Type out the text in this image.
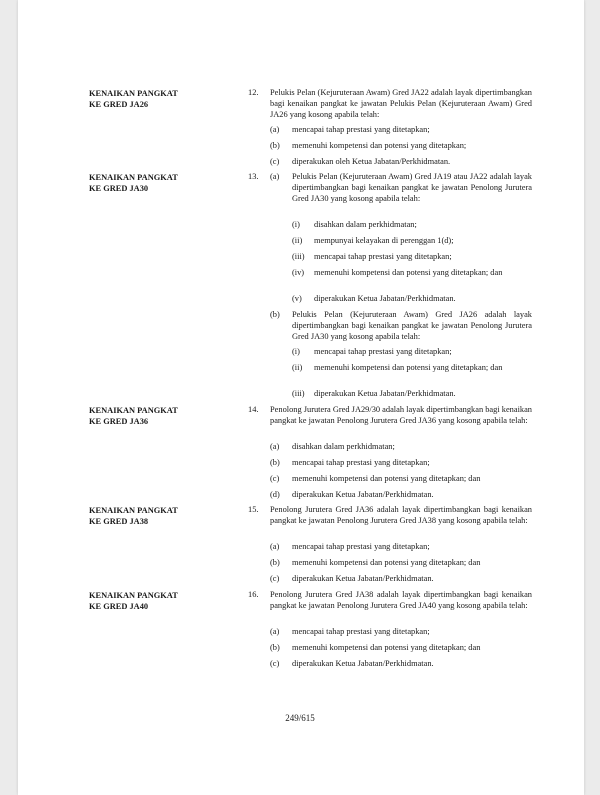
KENAIKAN PANGKAT
KE GRED JA26
12. Pelukis Pelan (Kejuruteraan Awam) Gred JA22 adalah layak dipertimbangkan bagi kenaikan pangkat ke jawatan Pelukis Pelan (Kejuruteraan Awam) Gred JA26 yang kosong apabila telah:
(a) mencapai tahap prestasi yang ditetapkan;
(b) memenuhi kompetensi dan potensi yang ditetapkan;
(c) diperakukan oleh Ketua Jabatan/Perkhidmatan.
KENAIKAN PANGKAT
KE GRED JA30
13. (a) Pelukis Pelan (Kejuruteraan Awam) Gred JA19 atau JA22 adalah layak dipertimbangkan bagi kenaikan pangkat ke jawatan Penolong Jurutera Gred JA30 yang kosong apabila telah:
(i) disahkan dalam perkhidmatan;
(ii) mempunyai kelayakan di perenggan 1(d);
(iii) mencapai tahap prestasi yang ditetapkan;
(iv) memenuhi kompetensi dan potensi yang ditetapkan; dan
(v) diperakukan Ketua Jabatan/Perkhidmatan.
(b) Pelukis Pelan (Kejuruteraan Awam) Gred JA26 adalah layak dipertimbangkan bagi kenaikan pangkat ke jawatan Penolong Jurutera Gred JA30 yang kosong apabila telah:
(i) mencapai tahap prestasi yang ditetapkan;
(ii) memenuhi kompetensi dan potensi yang ditetapkan; dan
(iii) diperakukan Ketua Jabatan/Perkhidmatan.
KENAIKAN PANGKAT
KE GRED JA36
14. Penolong Jurutera Gred JA29/30 adalah layak dipertimbangkan bagi kenaikan pangkat ke jawatan Penolong Jurutera Gred JA36 yang kosong apabila telah:
(a) disahkan dalam perkhidmatan;
(b) mencapai tahap prestasi yang ditetapkan;
(c) memenuhi kompetensi dan potensi yang ditetapkan; dan
(d) diperakukan Ketua Jabatan/Perkhidmatan.
KENAIKAN PANGKAT
KE GRED JA38
15. Penolong Jurutera Gred JA36 adalah layak dipertimbangkan bagi kenaikan pangkat ke jawatan Penolong Jurutera Gred JA38 yang kosong apabila telah:
(a) mencapai tahap prestasi yang ditetapkan;
(b) memenuhi kompetensi dan potensi yang ditetapkan; dan
(c) diperakukan Ketua Jabatan/Perkhidmatan.
KENAIKAN PANGKAT
KE GRED JA40
16. Penolong Jurutera Gred JA38 adalah layak dipertimbangkan bagi kenaikan pangkat ke jawatan Penolong Jurutera Gred JA40 yang kosong apabila telah:
(a) mencapai tahap prestasi yang ditetapkan;
(b) memenuhi kompetensi dan potensi yang ditetapkan; dan
(c) diperakukan Ketua Jabatan/Perkhidmatan.
249/615
